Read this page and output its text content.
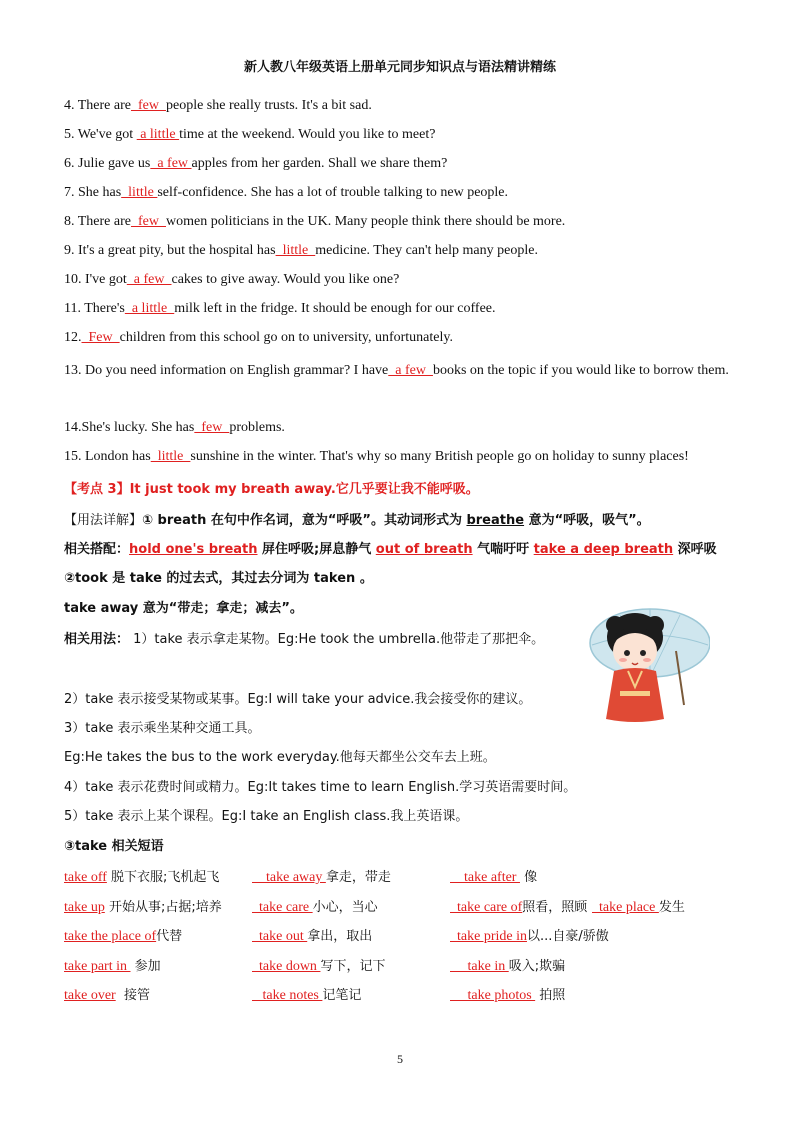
新人教八年级英语上册单元同步知识点与语法精讲精练
4. There are  few  people she really trusts. It's a bit sad.
5. We've got  a little time at the weekend. Would you like to meet?
6. Julie gave us  a few apples from her garden. Shall we share them?
7. She has  little self-confidence. She has a lot of trouble talking to new people.
8. There are  few  women politicians in the UK. Many people think there should be more.
9. It's a great pity, but the hospital has  little  medicine. They can't help many people.
10. I've got  a few  cakes to give away. Would you like one?
11. There's  a little  milk left in the fridge. It should be enough for our coffee.
12.  Few  children from this school go on to university, unfortunately.
13. Do you need information on English grammar? I have  a few  books on the topic if you would like to borrow them.
14.She's lucky. She has  few  problems.
15. London has  little  sunshine in the winter. That's why so many British people go on holiday to sunny places!
【考点 3】It just took my breath away.它几乎要让我不能呼吸。
【用法详解】① breath 在句中作名词，意为“呼吸”。其动词形式为 breathe 意为“呼吸，吸气”。
相关搭配：hold one's breath 屏住呼吸;屏息静气 out of breath 气喘吁吁 take a deep breath 深呼吸
②took 是 take 的过去式，其过去分词为 taken 。
take away 意为“带走；拿走；减去”。
相关用法： 1）take 表示拿走某物。Eg:He took the umbrella.他带走了那把伞。
2）take 表示接受某物或某事。Eg:I will take your advice.我会接受你的建议。
3）take 表示乘坐某种交通工具。
Eg:He takes the bus to the work everyday.他每天都坐公交车去上班。
4）take 表示花费时间或精力。Eg:It takes time to learn English.学习英语需要时间。
5）take 表示上某个课程。Eg:I take an English class.我上英语课。
③take 相关短语
take off 脱下衣服;飞机起飞 take away 拿走，带走	take after  像
take up 开始从事;占据;培养 take care 小心，当心	take care of照看，照顾 take place 发生
take the place of代替	take out 拿出，取出	take pride in以...自豪/骄傲
take part in  参加	take down 写下，记下	take in 吸入;欺骗
take over  接管	take notes 记笔记	take photos  拍照
5
